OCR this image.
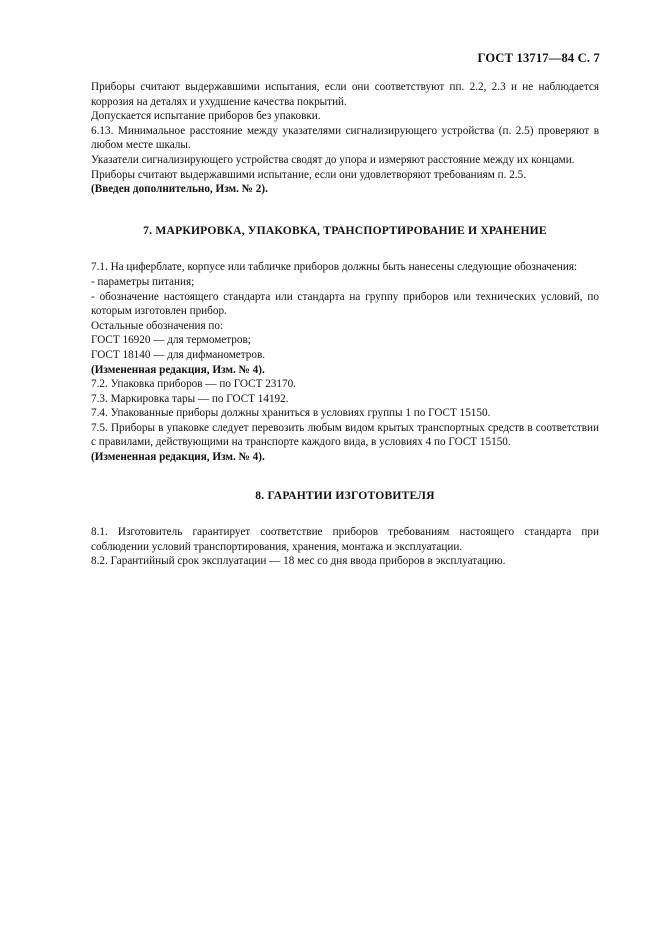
ГОСТ 13717—84 С. 7

Приборы считают выдержавшими испытания, если они соответствуют пп. 2.2, 2.3 и не наблюдается коррозия на деталях и ухудшение качества покрытий.

Допускается испытание приборов без упаковки.

6.13. Минимальное расстояние между указателями сигнализирующего устройства (п. 2.5) проверяют в любом месте шкалы.

Указатели сигнализирующего устройства сводят до упора и измеряют расстояние между их концами.

Приборы считают выдержавшими испытание, если они удовлетворяют требованиям п. 2.5.

(Введен дополнительно, Изм. № 2).

7. МАРКИРОВКА, УПАКОВКА, ТРАНСПОРТИРОВАНИЕ И ХРАНЕНИЕ

7.1. На циферблате, корпусе или табличке приборов должны быть нанесены следующие обозначения:

- параметры питания;

- обозначение настоящего стандарта или стандарта на группу приборов или технических условий, по которым изготовлен прибор.

Остальные обозначения по:

ГОСТ 16920 — для термометров;

ГОСТ 18140 — для дифманометров.

(Измененная редакция, Изм. № 4).

7.2. Упаковка приборов — по ГОСТ 23170.

7.3. Маркировка тары — по ГОСТ 14192.

7.4. Упакованные приборы должны храниться в условиях группы 1 по ГОСТ 15150.

7.5. Приборы в упаковке следует перевозить любым видом крытых транспортных средств в соответствии с правилами, действующими на транспорте каждого вида, в условиях 4 по ГОСТ 15150.

(Измененная редакция, Изм. № 4).

8. ГАРАНТИИ ИЗГОТОВИТЕЛЯ

8.1. Изготовитель гарантирует соответствие приборов требованиям настоящего стандарта при соблюдении условий транспортирования, хранения, монтажа и эксплуатации.

8.2. Гарантийный срок эксплуатации — 18 мес со дня ввода приборов в эксплуатацию.
